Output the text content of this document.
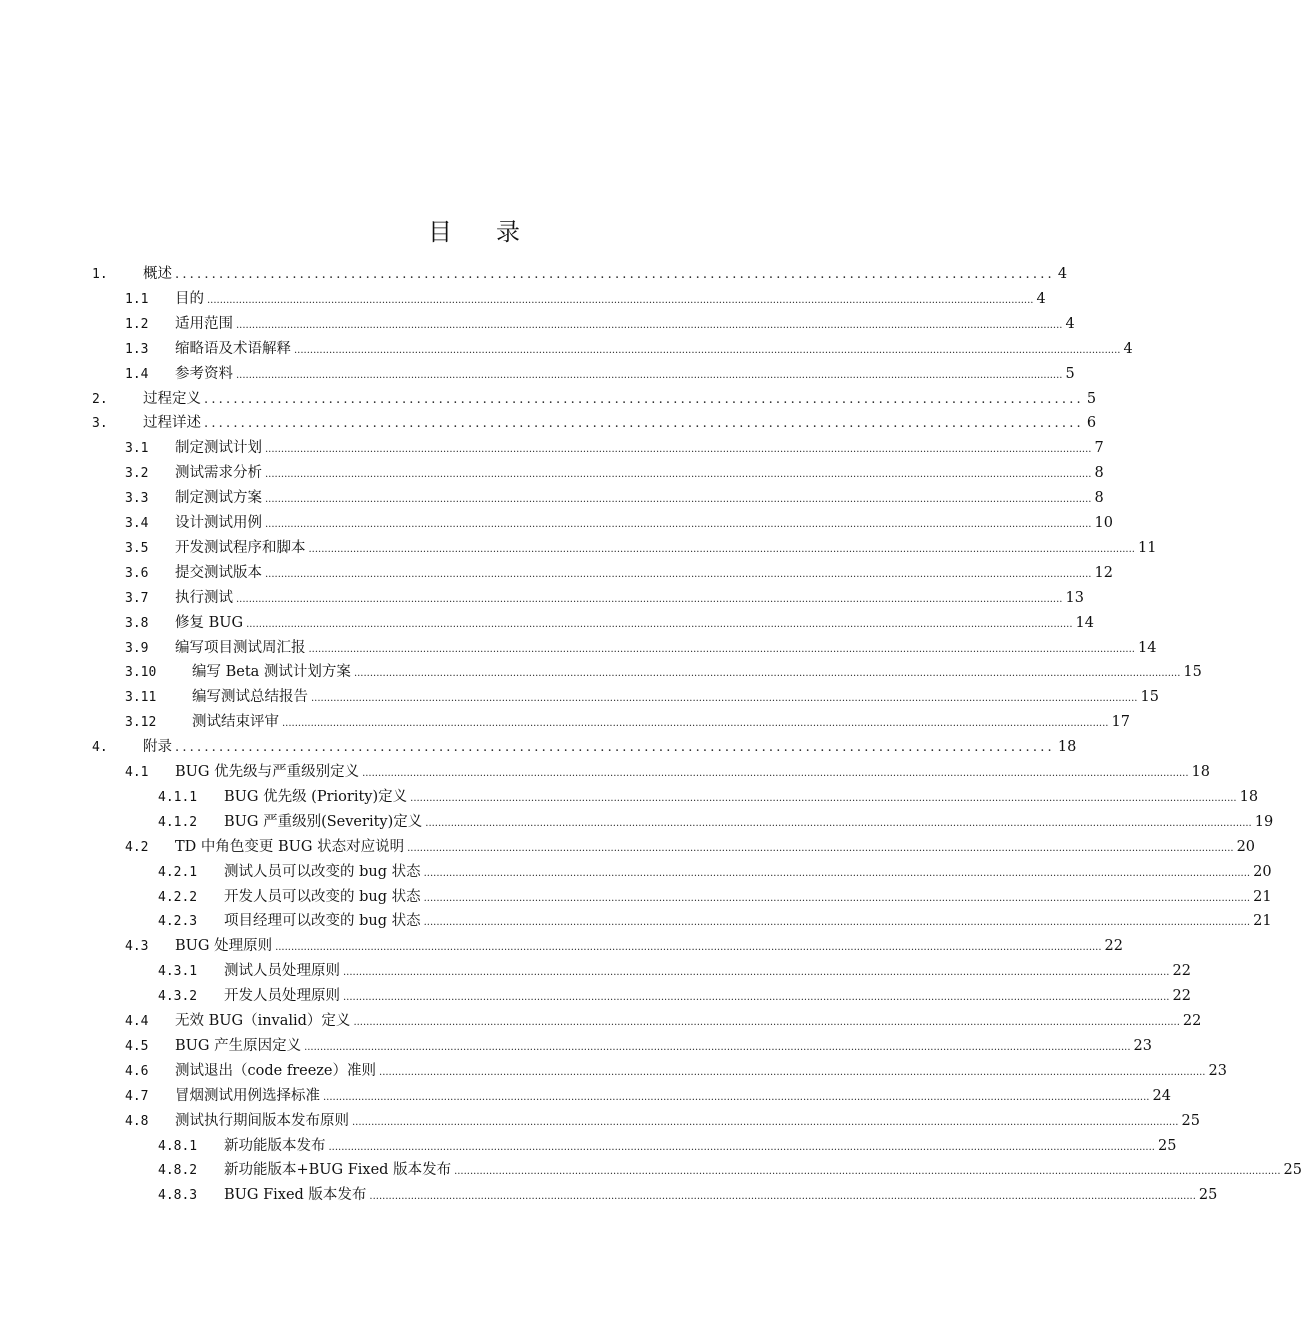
目 录
1.	概述 ........................................................................................................................ 4
1.1	目的 .................................................................................................................................................................................................................................................................... 4
1.2	适用范围 .................................................................................................................................................................................................................................................................... 4
1.3	缩略语及术语解释 .................................................................................................................................................................................................................................................................... 4
1.4	参考资料 .................................................................................................................................................................................................................................................................... 5
2.	过程定义 ........................................................................................................................ 5
3.	过程详述 ........................................................................................................................ 6
3.1	制定测试计划 .................................................................................................................................................................................................................................................................... 7
3.2	测试需求分析 .................................................................................................................................................................................................................................................................... 8
3.3	制定测试方案 .................................................................................................................................................................................................................................................................... 8
3.4	设计测试用例 .................................................................................................................................................................................................................................................................... 10
3.5	开发测试程序和脚本 .................................................................................................................................................................................................................................................................... 11
3.6	提交测试版本 .................................................................................................................................................................................................................................................................... 12
3.7	执行测试 .................................................................................................................................................................................................................................................................... 13
3.8	修复 BUG .................................................................................................................................................................................................................................................................... 14
3.9	编写项目测试周汇报 .................................................................................................................................................................................................................................................................... 14
3.10	编写 Beta 测试计划方案 .................................................................................................................................................................................................................................................................... 15
3.11	编写测试总结报告 .................................................................................................................................................................................................................................................................... 15
3.12	测试结束评审 .................................................................................................................................................................................................................................................................... 17
4.	附录 ........................................................................................................................ 18
4.1	BUG 优先级与严重级别定义 .................................................................................................................................................................................................................................................................... 18
4.1.1	BUG 优先级 (Priority)定义 .................................................................................................................................................................................................................................................................... 18
4.1.2	BUG 严重级别(Severity)定义 .................................................................................................................................................................................................................................................................... 19
4.2	TD 中角色变更 BUG 状态对应说明 .................................................................................................................................................................................................................................................................... 20
4.2.1	测试人员可以改变的 bug 状态 .................................................................................................................................................................................................................................................................... 20
4.2.2	开发人员可以改变的 bug 状态 .................................................................................................................................................................................................................................................................... 21
4.2.3	项目经理可以改变的 bug 状态 .................................................................................................................................................................................................................................................................... 21
4.3	BUG 处理原则 .................................................................................................................................................................................................................................................................... 22
4.3.1	测试人员处理原则 .................................................................................................................................................................................................................................................................... 22
4.3.2	开发人员处理原则 .................................................................................................................................................................................................................................................................... 22
4.4	无效 BUG（invalid）定义 .................................................................................................................................................................................................................................................................... 22
4.5	BUG 产生原因定义 .................................................................................................................................................................................................................................................................... 23
4.6	测试退出（code freeze）准则 .................................................................................................................................................................................................................................................................... 23
4.7	冒烟测试用例选择标准 .................................................................................................................................................................................................................................................................... 24
4.8	测试执行期间版本发布原则 .................................................................................................................................................................................................................................................................... 25
4.8.1	新功能版本发布 .................................................................................................................................................................................................................................................................... 25
4.8.2	新功能版本+BUG Fixed 版本发布 .................................................................................................................................................................................................................................................................... 25
4.8.3	BUG Fixed 版本发布 .................................................................................................................................................................................................................................................................... 25
